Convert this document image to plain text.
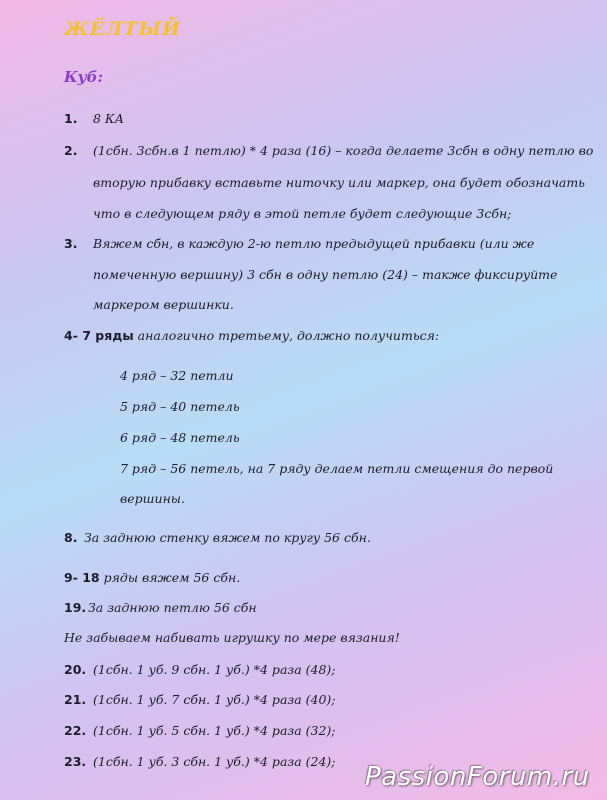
ЖЁЛТЫЙ
Куб:
1. 8 КА
2. (1сбн. 3сбн.в 1 петлю) * 4 раза (16) – когда делаете 3сбн в одну петлю во
вторую прибавку вставьте ниточку или маркер, она будет обозначать
что в следующем ряду в этой петле будет следующие 3сбн;
3. Вяжем сбн, в каждую 2-ю петлю предыдущей прибавки (или же
помеченную вершину) 3 сбн в одну петлю (24) – также фиксируйте
маркером вершинки.
4- 7 ряды аналогично третьему, должно получиться:
4 ряд – 32 петли
5 ряд – 40 петель
6 ряд – 48 петель
7 ряд – 56 петель, на 7 ряду делаем петли смещения до первой
вершины.
8. За заднюю стенку вяжем по кругу 56 сбн.
9- 18 ряды вяжем 56 сбн.
19. За заднюю петлю 56 сбн
Не забываем набивать игрушку по мере вязания!
20. (1сбн. 1 уб. 9 сбн. 1 уб.) *4 раза (48);
21. (1сбн. 1 уб. 7 сбн. 1 уб.) *4 раза (40);
22. (1сбн. 1 уб. 5 сбн. 1 уб.) *4 раза (32);
23. (1сбн. 1 уб. 3 сбн. 1 уб.) *4 раза (24);
PassionForum.ru
